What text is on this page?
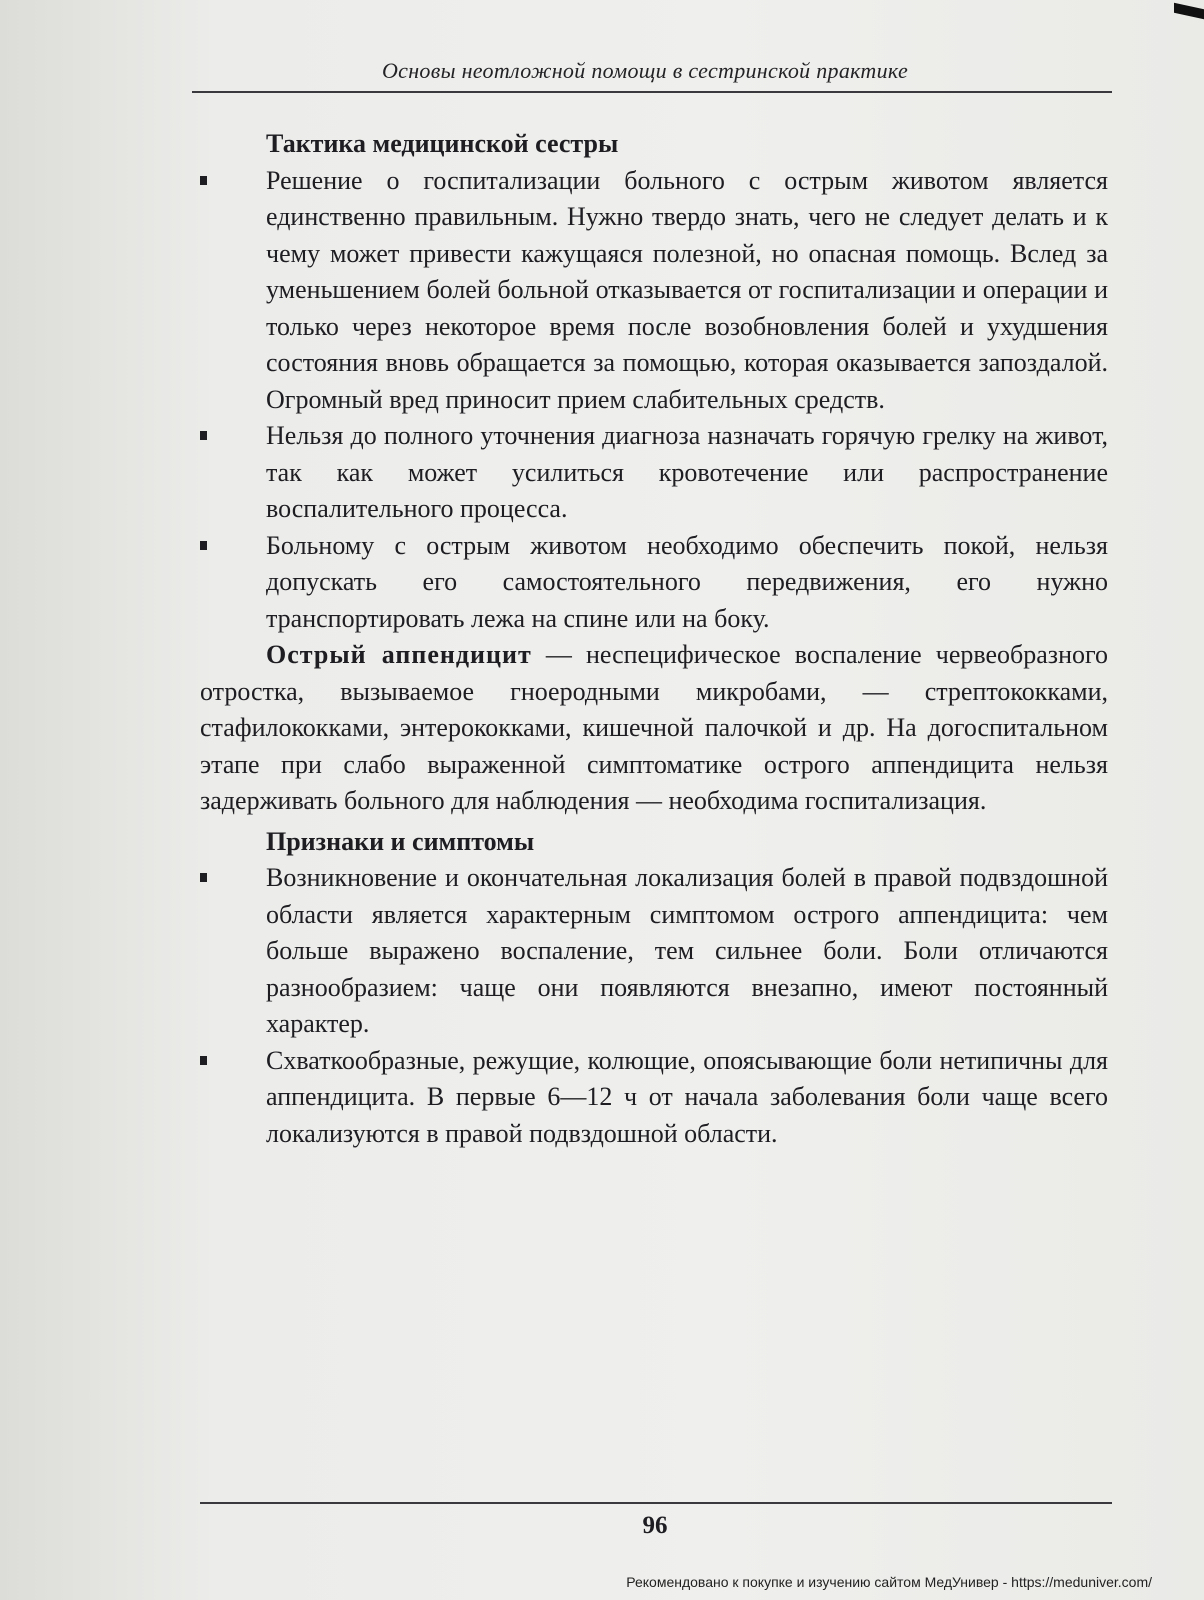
Основы неотложной помощи в сестринской практике

Тактика медицинской сестры

Решение о госпитализации больного с острым животом является единственно правильным. Нужно твердо знать, чего не следует делать и к чему может привести кажущаяся полезной, но опасная помощь. Вслед за уменьшением болей больной отказывается от госпитализации и операции и только через некоторое время после возобновления болей и ухудшения состояния вновь обращается за помощью, которая оказывается запоздалой. Огромный вред приносит прием слабительных средств.
Нельзя до полного уточнения диагноза назначать горячую грелку на живот, так как может усилиться кровотечение или распространение воспалительного процесса.
Больному с острым животом необходимо обеспечить покой, нельзя допускать его самостоятельного передвижения, его нужно транспортировать лежа на спине или на боку.

Острый аппендицит — неспецифическое воспаление червеобразного отростка, вызываемое гноеродными микробами, — стрептококками, стафилококками, энтерококками, кишечной палочкой и др. На догоспитальном этапе при слабо выраженной симптоматике острого аппендицита нельзя задерживать больного для наблюдения — необходима госпитализация.

Признаки и симптомы

Возникновение и окончательная локализация болей в правой подвздошной области является характерным симптомом острого аппендицита: чем больше выражено воспаление, тем сильнее боли. Боли отличаются разнообразием: чаще они появляются внезапно, имеют постоянный характер.
Схваткообразные, режущие, колющие, опоясывающие боли нетипичны для аппендицита. В первые 6—12 ч от начала заболевания боли чаще всего локализуются в правой подвздошной области.
96
Рекомендовано к покупке и изучению сайтом МедУнивер - https://meduniver.com/
